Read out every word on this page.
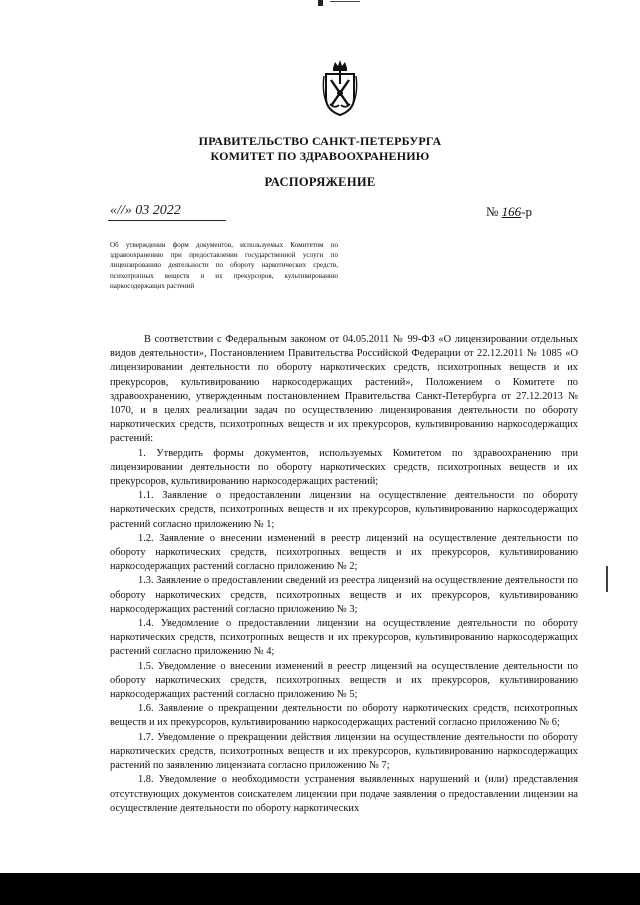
ПРАВИТЕЛЬСТВО САНКТ-ПЕТЕРБУРГА
КОМИТЕТ ПО ЗДРАВООХРАНЕНИЮ
РАСПОРЯЖЕНИЕ
«//» 03 2022	№ 166-р
Об утверждении форм документов, используемых Комитетом по здравоохранению при предоставлении государственной услуги по лицензированию деятельности по обороту наркотических средств, психотропных веществ и их прекурсоров, культивированию наркосодержащих растений

В соответствии с Федеральным законом от 04.05.2011 № 99-ФЗ «О лицензировании отдельных видов деятельности», Постановлением Правительства Российской Федерации от 22.12.2011 № 1085 «О лицензировании деятельности по обороту наркотических средств, психотропных веществ и их прекурсоров, культивированию наркосодержащих растений», Положением о Комитете по здравоохранению, утвержденным постановлением Правительства Санкт-Петербурга от 27.12.2013 № 1070, и в целях реализации задач по осуществлению лицензирования деятельности по обороту наркотических средств, психотропных веществ и их прекурсоров, культивированию наркосодержащих растений:

1. Утвердить формы документов, используемых Комитетом по здравоохранению при лицензировании деятельности по обороту наркотических средств, психотропных веществ и их прекурсоров, культивированию наркосодержащих растений;

1.1. Заявление о предоставлении лицензии на осуществление деятельности по обороту наркотических средств, психотропных веществ и их прекурсоров, культивированию наркосодержащих растений согласно приложению № 1;

1.2. Заявление о внесении изменений в реестр лицензий на осуществление деятельности по обороту наркотических средств, психотропных веществ и их прекурсоров, культивированию наркосодержащих растений согласно приложению № 2;

1.3. Заявление о предоставлении сведений из реестра лицензий на осуществление деятельности по обороту наркотических средств, психотропных веществ и их прекурсоров, культивированию наркосодержащих растений согласно приложению № 3;

1.4. Уведомление о предоставлении лицензии на осуществление деятельности по обороту наркотических средств, психотропных веществ и их прекурсоров, культивированию наркосодержащих растений согласно приложению № 4;

1.5. Уведомление о внесении изменений в реестр лицензий на осуществление деятельности по обороту наркотических средств, психотропных веществ и их прекурсоров, культивированию наркосодержащих растений согласно приложению № 5;

1.6. Заявление о прекращении деятельности по обороту наркотических средств, психотропных веществ и их прекурсоров, культивированию наркосодержащих растений согласно приложению № 6;

1.7. Уведомление о прекращении действия лицензии на осуществление деятельности по обороту наркотических средств, психотропных веществ и их прекурсоров, культивированию наркосодержащих растений по заявлению лицензиата согласно приложению № 7;

1.8. Уведомление о необходимости устранения выявленных нарушений и (или) представления отсутствующих документов соискателем лицензии при подаче заявления о предоставлении лицензии на осуществление деятельности по обороту наркотических
